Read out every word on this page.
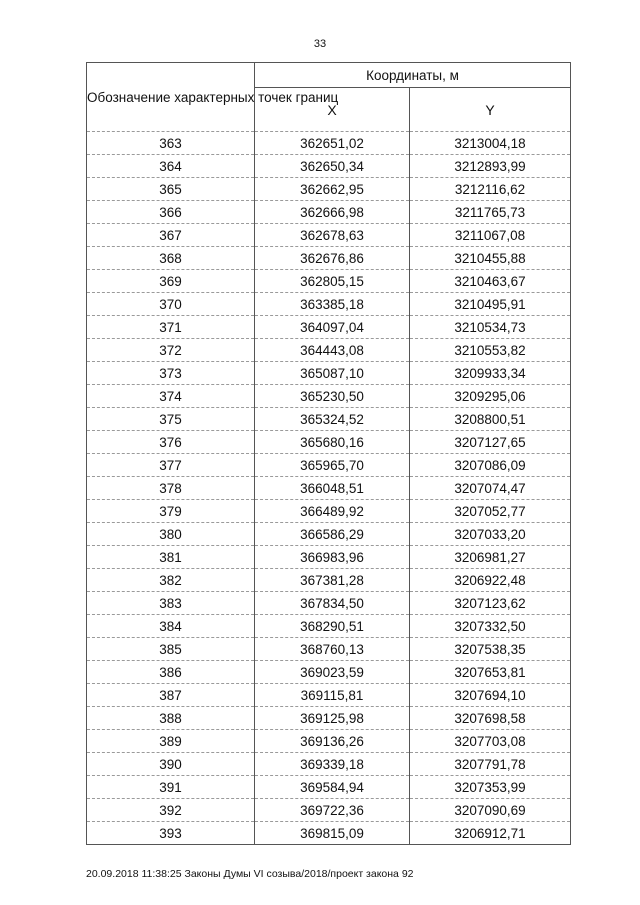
33
Обозначение характерных точек границ	Координаты, м	
	X	Y
363	362651,02	3213004,18
364	362650,34	3212893,99
365	362662,95	3212116,62
366	362666,98	3211765,73
367	362678,63	3211067,08
368	362676,86	3210455,88
369	362805,15	3210463,67
370	363385,18	3210495,91
371	364097,04	3210534,73
372	364443,08	3210553,82
373	365087,10	3209933,34
374	365230,50	3209295,06
375	365324,52	3208800,51
376	365680,16	3207127,65
377	365965,70	3207086,09
378	366048,51	3207074,47
379	366489,92	3207052,77
380	366586,29	3207033,20
381	366983,96	3206981,27
382	367381,28	3206922,48
383	367834,50	3207123,62
384	368290,51	3207332,50
385	368760,13	3207538,35
386	369023,59	3207653,81
387	369115,81	3207694,10
388	369125,98	3207698,58
389	369136,26	3207703,08
390	369339,18	3207791,78
391	369584,94	3207353,99
392	369722,36	3207090,69
393	369815,09	3206912,71
20.09.2018 11:38:25 Законы Думы VI созыва/2018/проект закона 92
